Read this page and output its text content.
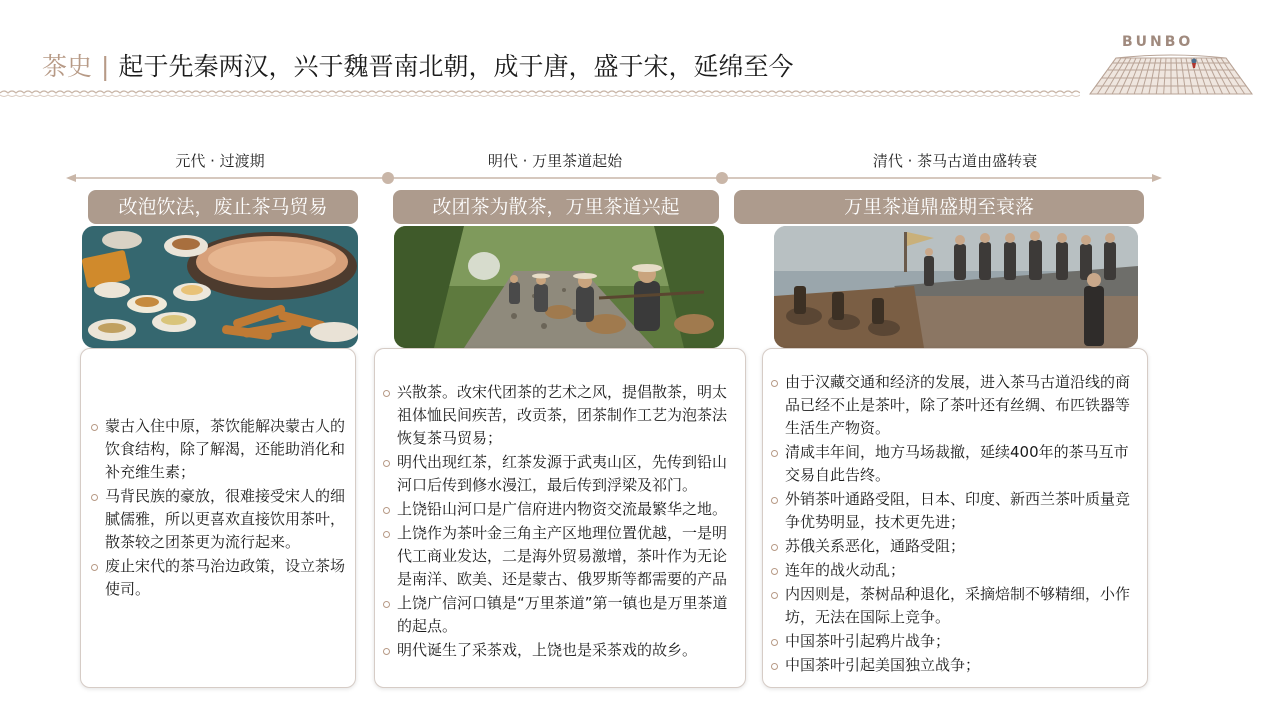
茶史 | 起于先秦两汉，兴于魏晋南北朝，成于唐，盛于宋，延绵至今
BUNBO
元代 · 过渡期	明代 · 万里茶道起始	清代 · 茶马古道由盛转衰
改泡饮法，废止茶马贸易	改团茶为散茶，万里茶道兴起	万里茶道鼎盛期至衰落
蒙古入住中原，茶饮能解决蒙古人的饮食结构，除了解渴，还能助消化和补充维生素；
马背民族的豪放，很难接受宋人的细腻儒雅，所以更喜欢直接饮用茶叶，散茶较之团茶更为流行起来。
废止宋代的茶马治边政策，设立茶场使司。
兴散茶。改宋代团茶的艺术之风，提倡散茶，明太祖体恤民间疾苦，改贡茶，团茶制作工艺为泡茶法恢复茶马贸易；
明代出现红茶，红茶发源于武夷山区，先传到铅山河口后传到修水漫江，最后传到浮梁及祁门。
上饶铅山河口是广信府进内物资交流最繁华之地。
上饶作为茶叶金三角主产区地理位置优越，一是明代工商业发达，二是海外贸易激增，茶叶作为无论是南洋、欧美、还是蒙古、俄罗斯等都需要的产品
上饶广信河口镇是“万里茶道”第一镇也是万里茶道的起点。
明代诞生了采茶戏，上饶也是采茶戏的故乡。
由于汉藏交通和经济的发展，进入茶马古道沿线的商品已经不止是茶叶，除了茶叶还有丝绸、布匹铁器等生活生产物资。
清咸丰年间，地方马场裁撤，延续400年的茶马互市交易自此告终。
外销茶叶通路受阻，日本、印度、新西兰茶叶质量竞争优势明显，技术更先进；
苏俄关系恶化，通路受阻；
连年的战火动乱；
内因则是，茶树品种退化，采摘焙制不够精细，小作坊，无法在国际上竞争。
中国茶叶引起鸦片战争；
中国茶叶引起美国独立战争；
